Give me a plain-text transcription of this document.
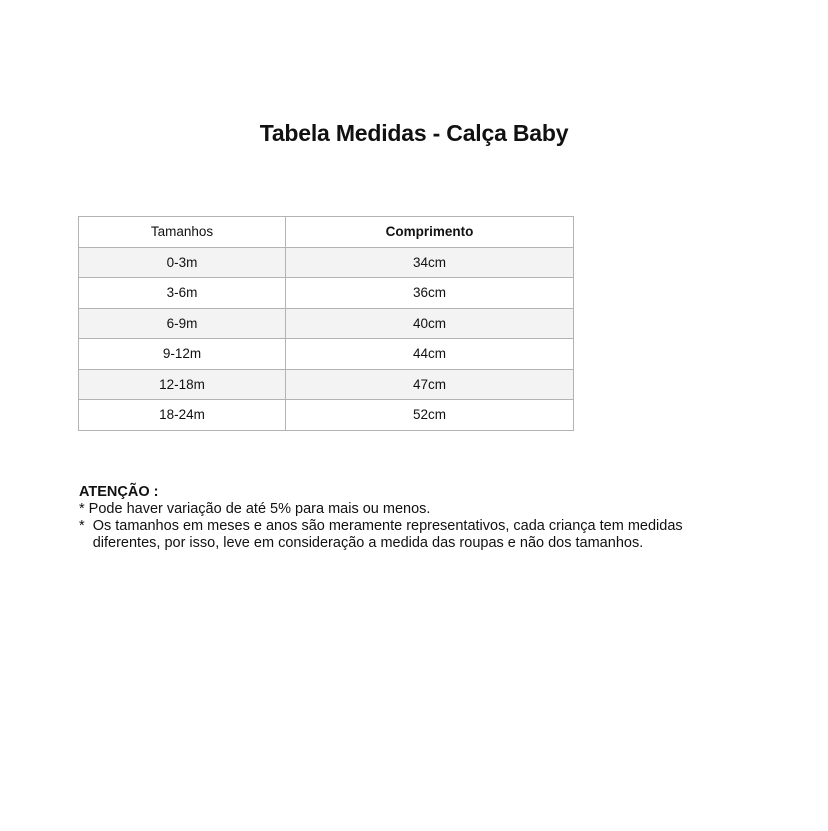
Tabela Medidas - Calça Baby
Tamanhos	Comprimento
0-3m	34cm
3-6m	36cm
6-9m	40cm
9-12m	44cm
12-18m	47cm
18-24m	52cm
ATENÇÃO :
* Pode haver variação de até 5% para mais ou menos.
* Os tamanhos em meses e anos são meramente representativos, cada criança tem medidas diferentes, por isso, leve em consideração a medida das roupas e não dos tamanhos.
